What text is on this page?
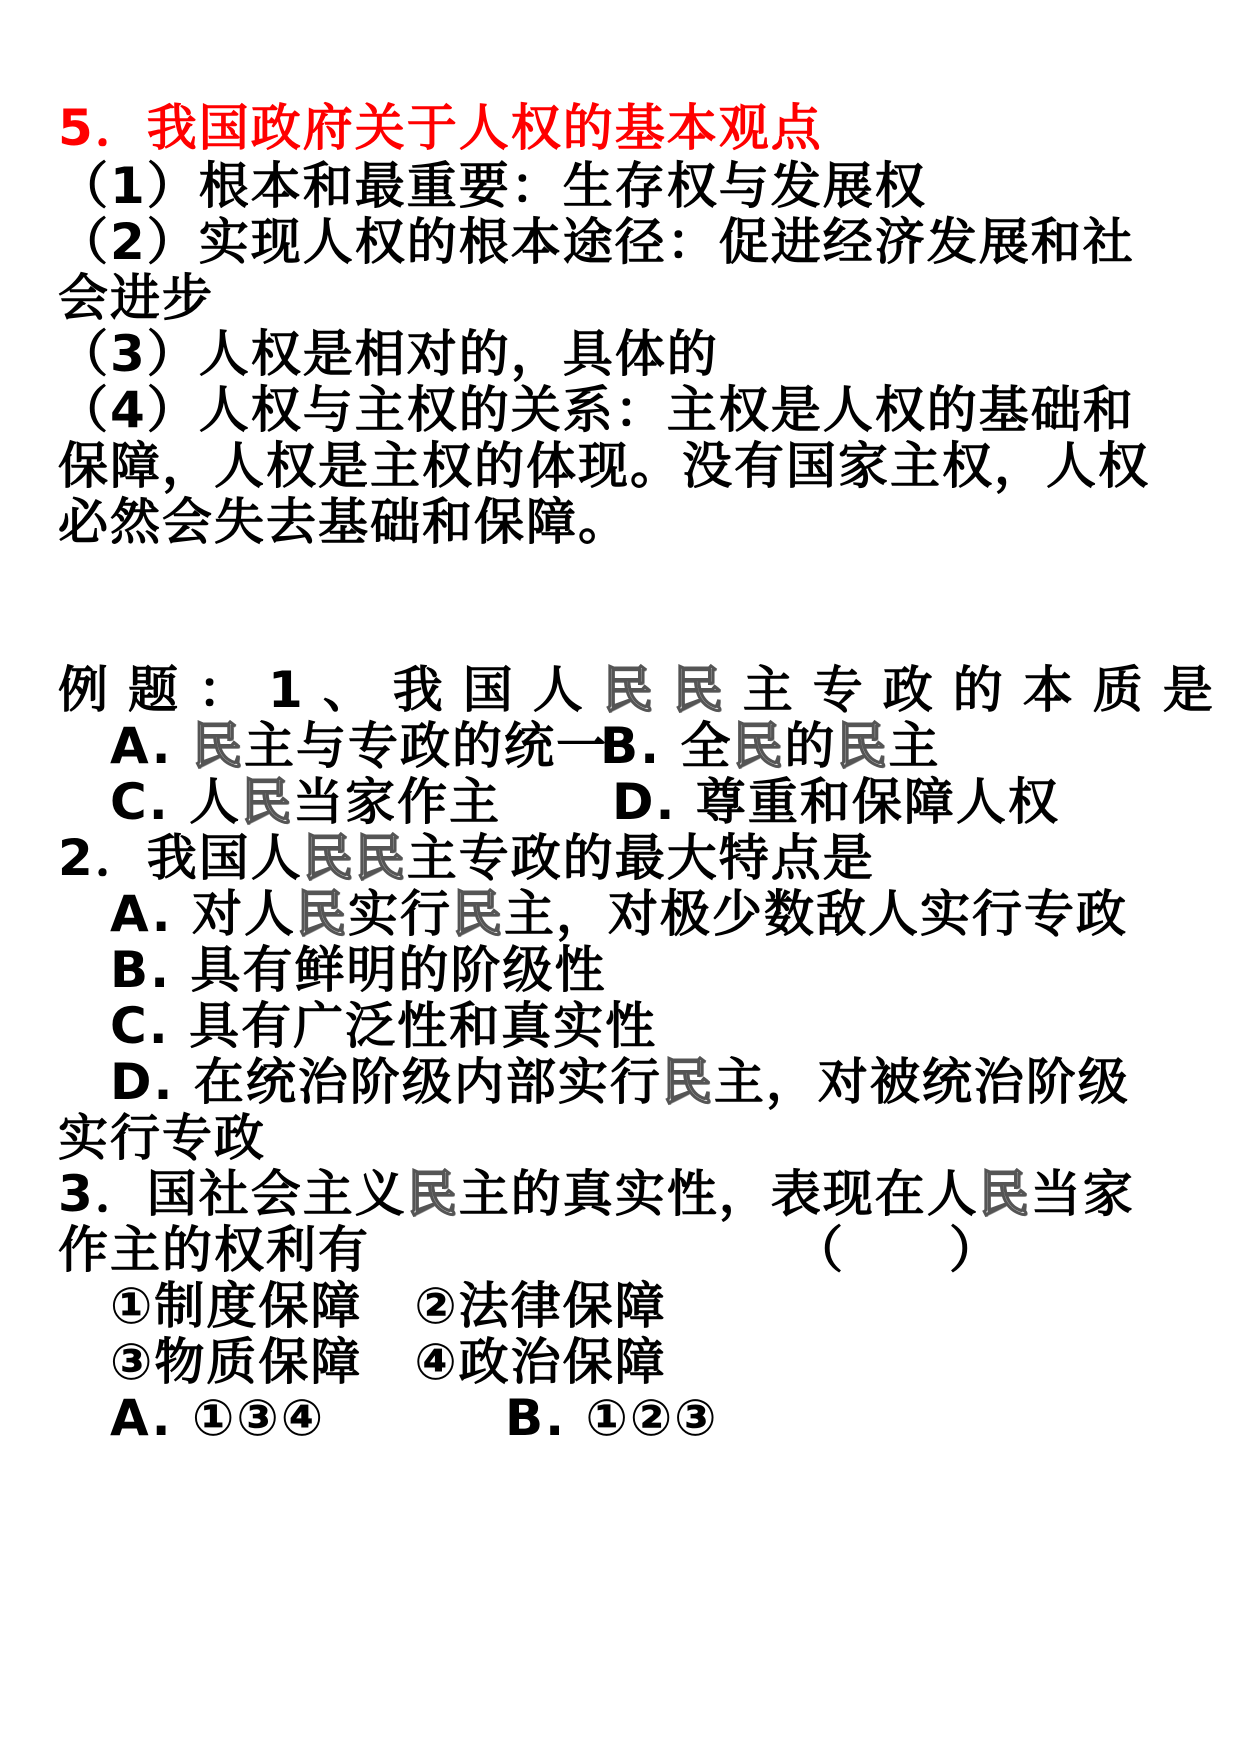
5．我国政府关于人权的基本观点
（1）根本和最重要：生存权与发展权
（2）实现人权的根本途径：促进经济发展和社
会进步
（3）人权是相对的，具体的
（4）人权与主权的关系：主权是人权的基础和
保障，人权是主权的体现。没有国家主权，人权
必然会失去基础和保障。
例题：1、我国人民民主专政的本质是
A. 民主与专政的统一
B. 全民的民主
C. 人民当家作主 D. 尊重和保障人权
2．我国人民民主专政的最大特点是
A. 对人民实行民主，对极少数敌人实行专政
B. 具有鲜明的阶级性
C. 具有广泛性和真实性
D. 在统治阶级内部实行民主，对被统治阶级
实行专政
3．国社会主义民主的真实性，表现在人民当家
作主的权利有	（　　）
①制度保障　②法律保障
③物质保障　④政治保障
A. ①③④	B. ①②③
